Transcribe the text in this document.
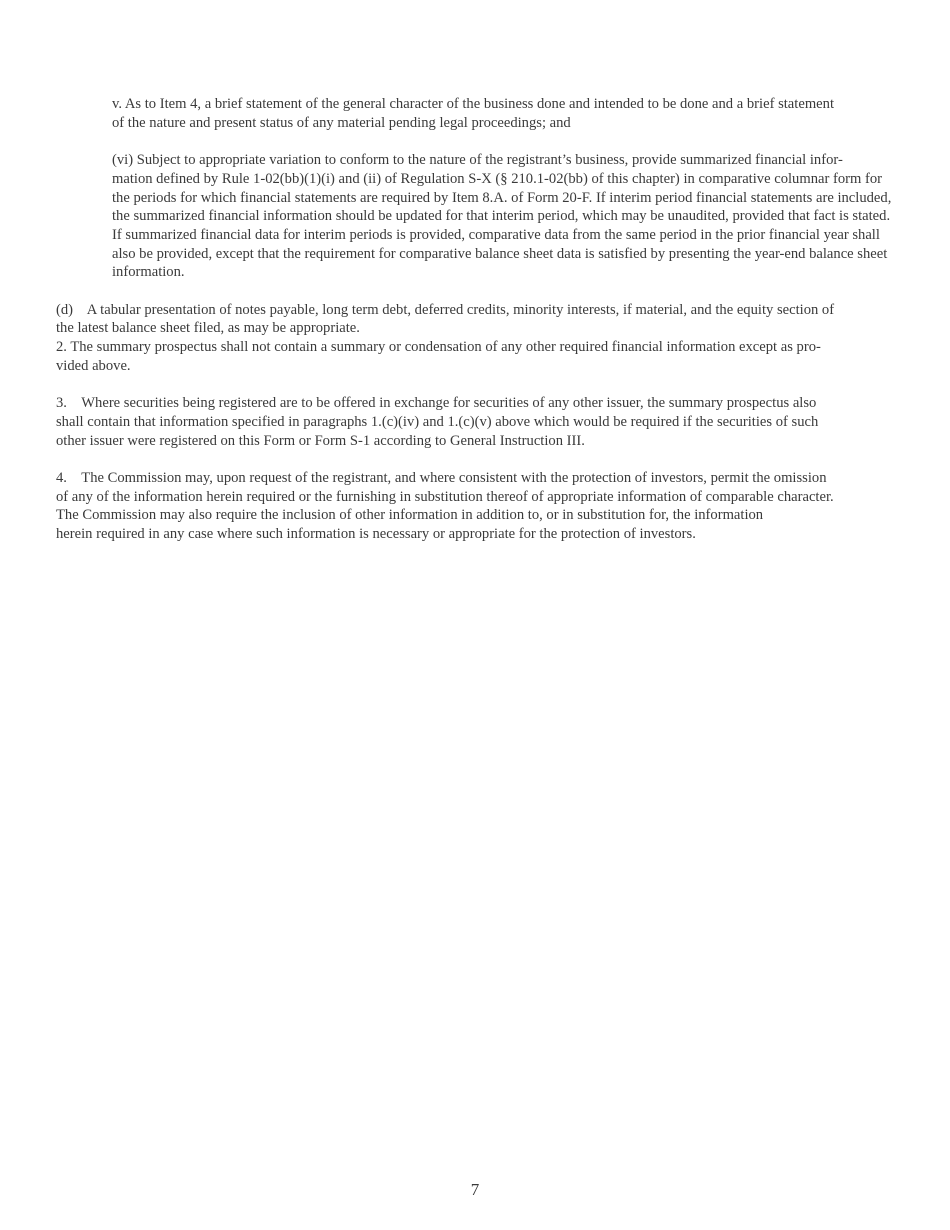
v. As to Item 4, a brief statement of the general character of the business done and intended to be done and a brief statement
of the nature and present status of any material pending legal proceedings; and

(vi) Subject to appropriate variation to conform to the nature of the registrant’s business, provide summarized financial infor-
mation defined by Rule 1-02(bb)(1)(i) and (ii) of Regulation S-X (§ 210.1-02(bb) of this chapter) in comparative columnar form for
the periods for which financial statements are required by Item 8.A. of Form 20-F. If interim period financial statements are included,
the summarized financial information should be updated for that interim period, which may be unaudited, provided that fact is stated.
If summarized financial data for interim periods is provided, comparative data from the same period in the prior financial year shall
also be provided, except that the requirement for comparative balance sheet data is satisfied by presenting the year-end balance sheet
information.

(d)    A tabular presentation of notes payable, long term debt, deferred credits, minority interests, if material, and the equity section of
the latest balance sheet filed, as may be appropriate.

2. The summary prospectus shall not contain a summary or condensation of any other required financial information except as pro-
vided above.

3.    Where securities being registered are to be offered in exchange for securities of any other issuer, the summary prospectus also
shall contain that information specified in paragraphs 1.(c)(iv) and 1.(c)(v) above which would be required if the securities of such
other issuer were registered on this Form or Form S-1 according to General Instruction III.

4.    The Commission may, upon request of the registrant, and where consistent with the protection of investors, permit the omission
of any of the information herein required or the furnishing in substitution thereof of appropriate information of comparable character.
The Commission may also require the inclusion of other information in addition to, or in substitution for, the information
herein required in any case where such information is necessary or appropriate for the protection of investors.

7
